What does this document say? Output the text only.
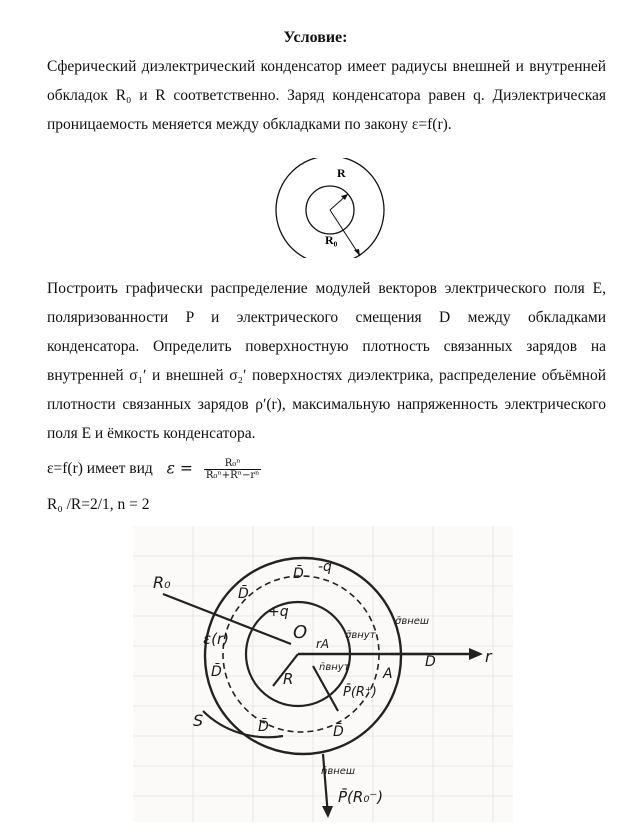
Условие:

Сферический диэлектрический конденсатор имеет радиусы внешней и внутренней обкладок R₀ и R соответственно. Заряд конденсатора равен q. Диэлектрическая проницаемость меняется между обкладками по закону ε=f(r).

R
R₀

Построить графически распределение модулей векторов электрического поля E, поляризованности P и электрического смещения D между обкладками конденсатора. Определить поверхностную плотность связанных зарядов на внутренней σ₁ʹ и внешней σ₂ʹ поверхностях диэлектрика, распределение объёмной плотности связанных зарядов ρʹ(r), максимальную напряженность электрического поля E и ёмкость конденсатора.

ε=f(r) имеет вид $\varepsilon = \frac{\text{R₀ⁿ}}{\text{R₀ⁿ+Rⁿ−rⁿ}}$
R₀ /R=2/1, n = 2
R₀
ε(r)	O
r
R
+q
-q
A
rA
n̄внут
n̄внеш
P̄(R⁺)
P̄(R₀⁻)
σ̄внут
σ̄внеш
D̄
D̄
D̄
D̄	D̄
D̄
S
